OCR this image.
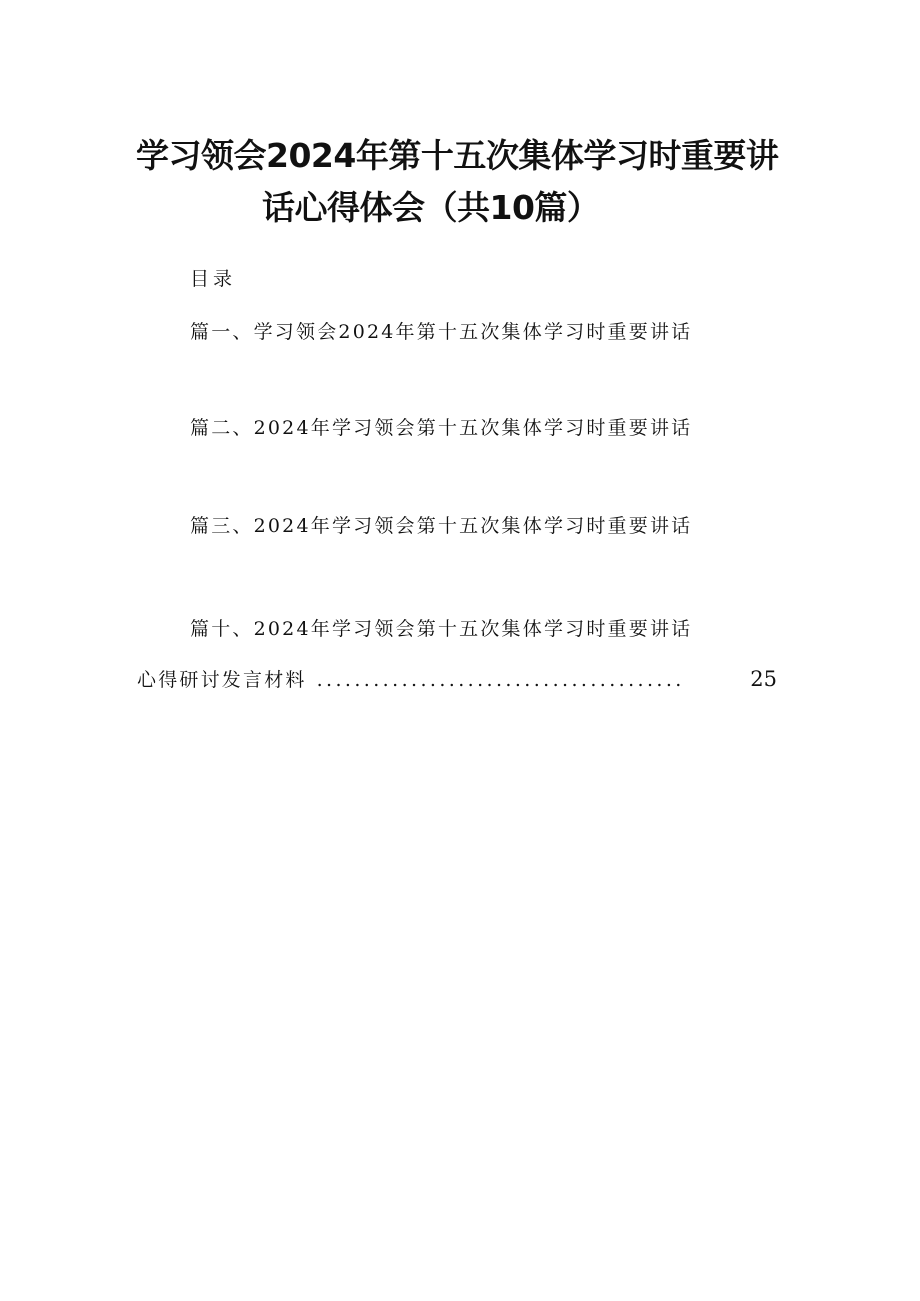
学习领会2024年第十五次集体学习时重要讲
话心得体会（共10篇）
目录
篇一、学习领会2024年第十五次集体学习时重要讲话
篇二、2024年学习领会第十五次集体学习时重要讲话
篇三、2024年学习领会第十五次集体学习时重要讲话
篇十、2024年学习领会第十五次集体学习时重要讲话
心得研讨发言材料 .......................................	25
